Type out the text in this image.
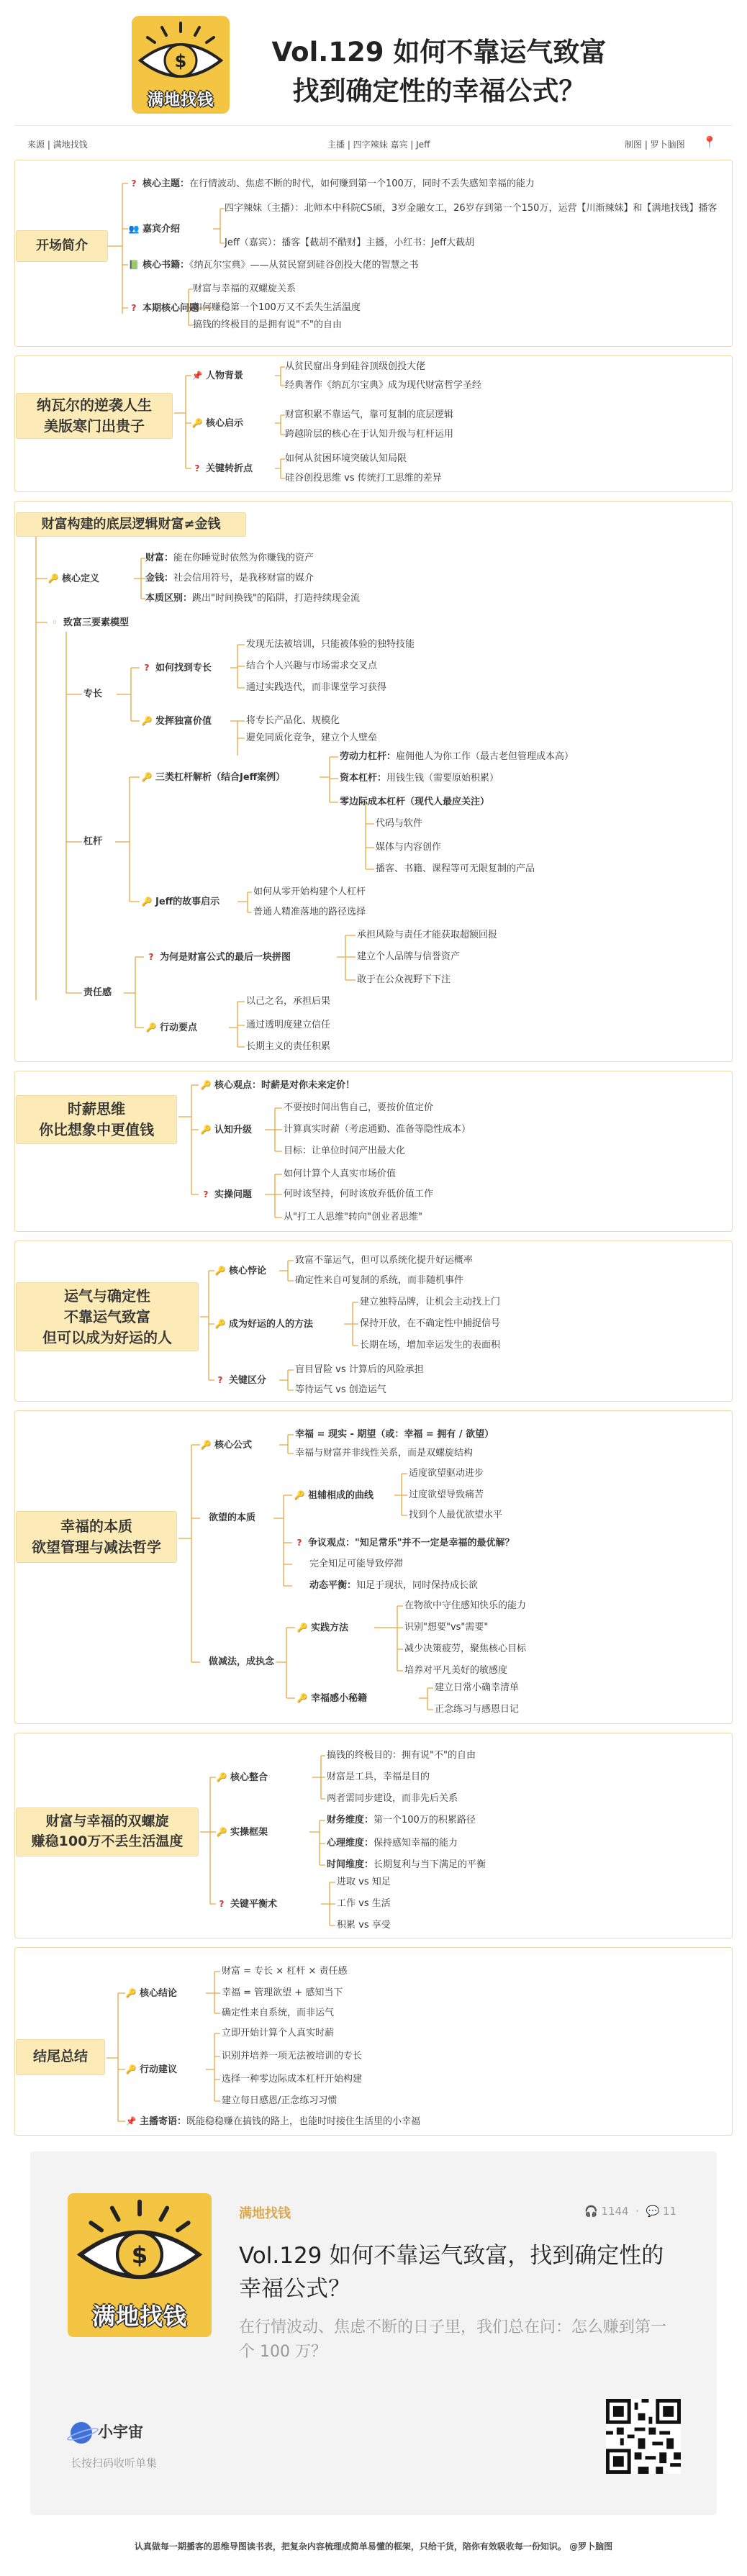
$
满地找钱
Vol.129 如何不靠运气致富
找到确定性的幸福公式？
来源 | 满地找钱	主播 | 四字辣妹 嘉宾 | Jeff	制图 | 罗卜脑图 📍
开场简介
? 核心主题：在行情波动、焦虑不断的时代，如何赚到第一个100万，同时不丢失感知幸福的能力
👥 嘉宾介绍
四字辣妹（主播）：北师本中科院CS硕，3岁金融女工，26岁存到第一个150万，运营【川渐辣妹】和【满地找钱】播客
Jeff（嘉宾）：播客【截胡不酷财】主播，小红书：Jeff大截胡
📗 核心书籍：《纳瓦尔宝典》——从贫民窟到硅谷创投大佬的智慧之书
? 本期核心问题
财富与幸福的双螺旋关系
如何赚稳第一个100万又不丢失生活温度
搞钱的终极目的是拥有说"不"的自由
纳瓦尔的逆袭人生
美版寒门出贵子
📌 人物背景
从贫民窟出身到硅谷顶级创投大佬
经典著作《纳瓦尔宝典》成为现代财富哲学圣经
🔑 核心启示
财富积累不靠运气，靠可复制的底层逻辑
跨越阶层的核心在于认知升级与杠杆运用
? 关键转折点
如何从贫困环境突破认知局限
硅谷创投思维 vs 传统打工思维的差异
财富构建的底层逻辑财富≠金钱
🔑 核心定义
财富：能在你睡觉时依然为你赚钱的资产
金钱：社会信用符号，是我移财富的媒介
本质区别：跳出"时间换钱"的陷阱，打造持续现金流
◦ 致富三要素模型
专长
? 如何找到专长
发现无法被培训，只能被体验的独特技能
结合个人兴趣与市场需求交叉点
通过实践迭代，而非课堂学习获得
🔑 发挥独富价值	将专长产品化、规模化
避免同质化竞争，建立个人壁垒
杠杆
🔑 三类杠杆解析（结合Jeff案例）
劳动力杠杆：雇佣他人为你工作（最古老但管理成本高）
资本杠杆：用钱生钱（需要原始积累）
零边际成本杠杆（现代人最应关注）
代码与软件
媒体与内容创作
播客、书籍、课程等可无限复制的产品
🔑 Jeff的故事启示
如何从零开始构建个人杠杆
普通人精准落地的路径选择
责任感
? 为何是财富公式的最后一块拼图
承担风险与责任才能获取超额回报
建立个人品牌与信誉资产
敢于在公众视野下下注
🔑 行动要点
以己之名，承担后果
通过透明度建立信任
长期主义的责任积累
时薪思维
你比想象中更值钱
🔑 核心观点：时薪是对你未来定价！
🔑 认知升级
不要按时间出售自己，要按价值定价
计算真实时薪（考虑通勤、准备等隐性成本）
目标：让单位时间产出最大化
? 实操问题
如何计算个人真实市场价值
何时该坚持，何时该放弃低价值工作
从"打工人思维"转向"创业者思维"
运气与确定性
不靠运气致富
但可以成为好运的人
🔑 核心悖论
致富不靠运气，但可以系统化提升好运概率
确定性来自可复制的系统，而非随机事件
🔑 成为好运的人的方法
建立独特品牌，让机会主动找上门
保持开放，在不确定性中捕捉信号
长期在场，增加幸运发生的表面积
? 关键区分
盲目冒险 vs 计算后的风险承担
等待运气 vs 创造运气
幸福的本质
欲望管理与减法哲学
🔑 核心公式
幸福 = 现实 - 期望（或：幸福 = 拥有 / 欲望）
幸福与财富并非线性关系，而是双螺旋结构
欲望的本质
🔑 祖辅相成的曲线
适度欲望驱动进步
过度欲望导致痛苦
找到个人最优欲望水平
? 争议观点："知足常乐"并不一定是幸福的最优解？
完全知足可能导致停滞
动态平衡：知足于现状，同时保持成长欲
做减法，成执念
🔑 实践方法
在物欲中守住感知快乐的能力
识别"想要"vs"需要"
减少决策疲劳，聚焦核心目标
培养对平凡美好的敏感度
🔑 幸福感小秘籍
建立日常小确幸清单
正念练习与感恩日记
财富与幸福的双螺旋
赚稳100万不丢生活温度
🔑 核心整合
搞钱的终极目的：拥有说"不"的自由
财富是工具，幸福是目的
两者需同步建设，而非先后关系
🔑 实操框架
财务维度：第一个100万的积累路径
心理维度：保持感知幸福的能力
时间维度：长期复利与当下满足的平衡
? 关键平衡术
进取 vs 知足
工作 vs 生活
积累 vs 享受
结尾总结
🔑 核心结论
财富 = 专长 × 杠杆 × 责任感
幸福 = 管理欲望 + 感知当下
确定性来自系统，而非运气
🔑 行动建议
立即开始计算个人真实时薪
识别并培养一项无法被培训的专长
选择一种零边际成本杠杆开始构建
建立每日感恩/正念练习习惯
📌 主播寄语：既能稳稳赚在搞钱的路上，也能时时接住生活里的小幸福
$
满地找钱
满地找钱	🎧 1144  ·  💬 11
Vol.129 如何不靠运气致富，找到确定性的幸福公式？
在行情波动、焦虑不断的日子里，我们总在问：怎么赚到第一个 100 万？
小宇宙
长按扫码收听单集
认真做每一期播客的思维导图读书表，把复杂内容梳理成简单易懂的框架，只给干货，陪你有效吸收每一份知识。 @罗卜脑图
